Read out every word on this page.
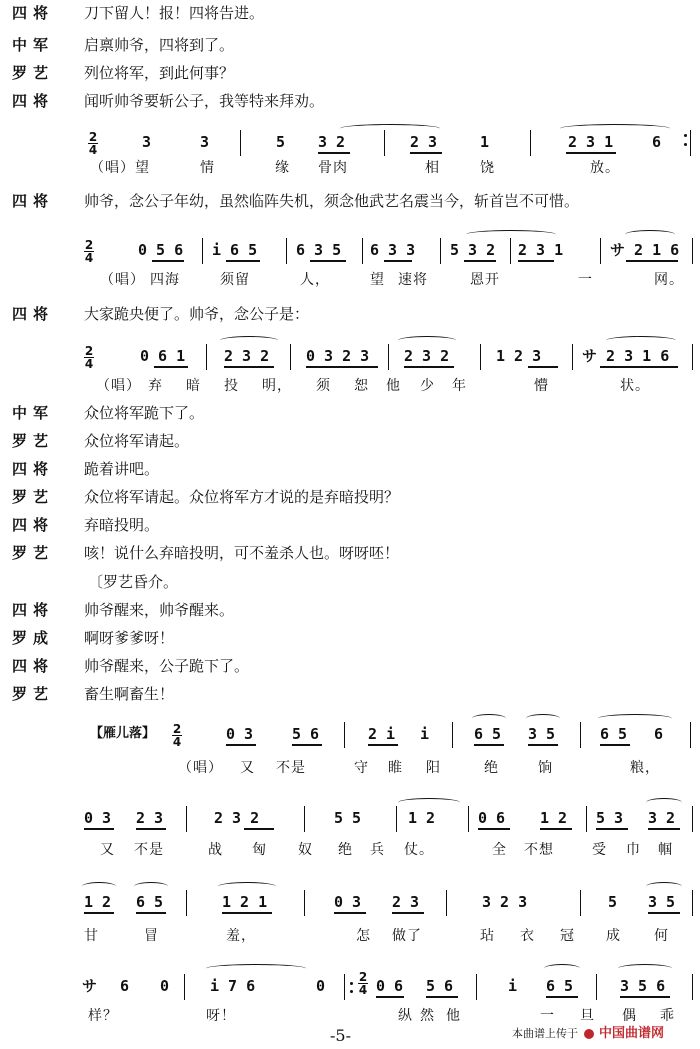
四将	刀下留人！报！四将告进。
中军	启禀帅爷，四将到了。
罗艺	列位将军，到此何事？
四将	闻听帅爷要斩公子，我等特来拜劝。
2
4	3	3	5 3 2	2 3	1	2 3 1	6
（唱）望	情	缘 骨肉	相	饶	放。
四将	帅爷，念公子年幼，虽然临阵失机，须念他武艺名震当今，斩首岂不可惜。
2
4	0 5 6 i 6 5	6 3 5 6 3 3 5 3 2 2 3 1	サ 2 1 6
（唱） 四海	须留	人，	望 速将	恩开	一	网。
四将	大家跪央便了。帅爷，念公子是：
2
4	0 6 1	2 3 2 0 3 2 3 2 3 2	1 2 3	サ 2 3 1 6
（唱） 弃 暗 投 明， 须 恕 他 少 年	懵	状。
中军	众位将军跪下了。
罗艺	众位将军请起。
四将	跪着讲吧。
罗艺	众位将军请起。众位将军方才说的是弃暗投明？
四将	弃暗投明。
罗艺	咳！说什么弃暗投明，可不羞杀人也。呀呀呸！
〔罗艺昏介。
四将	帅爷醒来，帅爷醒来。
罗成	啊呀爹爹呀！
四将	帅爷醒来，公子跪下了。
罗艺	畜生啊畜生！
【雁儿落】 2
4	0 3	5 6	2 i i	6 5 3 5	6 5 6
（唱） 又 不是	守 睢 阳	绝	饷	粮，
0 3 2 3	2 3 2	5 5	1 2	0 6 1 2 5 3 3 2
又 不是	战 匈 奴 绝 兵 仗。	全 不想	受 巾 帼
1 2 6 5	1 2 1	0 3 2 3	3 2 3	5 3 5
甘	冒	羞，	怎 做了	玷 衣 冠 成 何
サ 6 0	i 7 6	0	2
4 0 6 5 6	i 6 5	3 5 6
样？	呀！	纵 然 他	一 旦 偶 乖
-5-	本曲谱上传于 中国曲谱网
